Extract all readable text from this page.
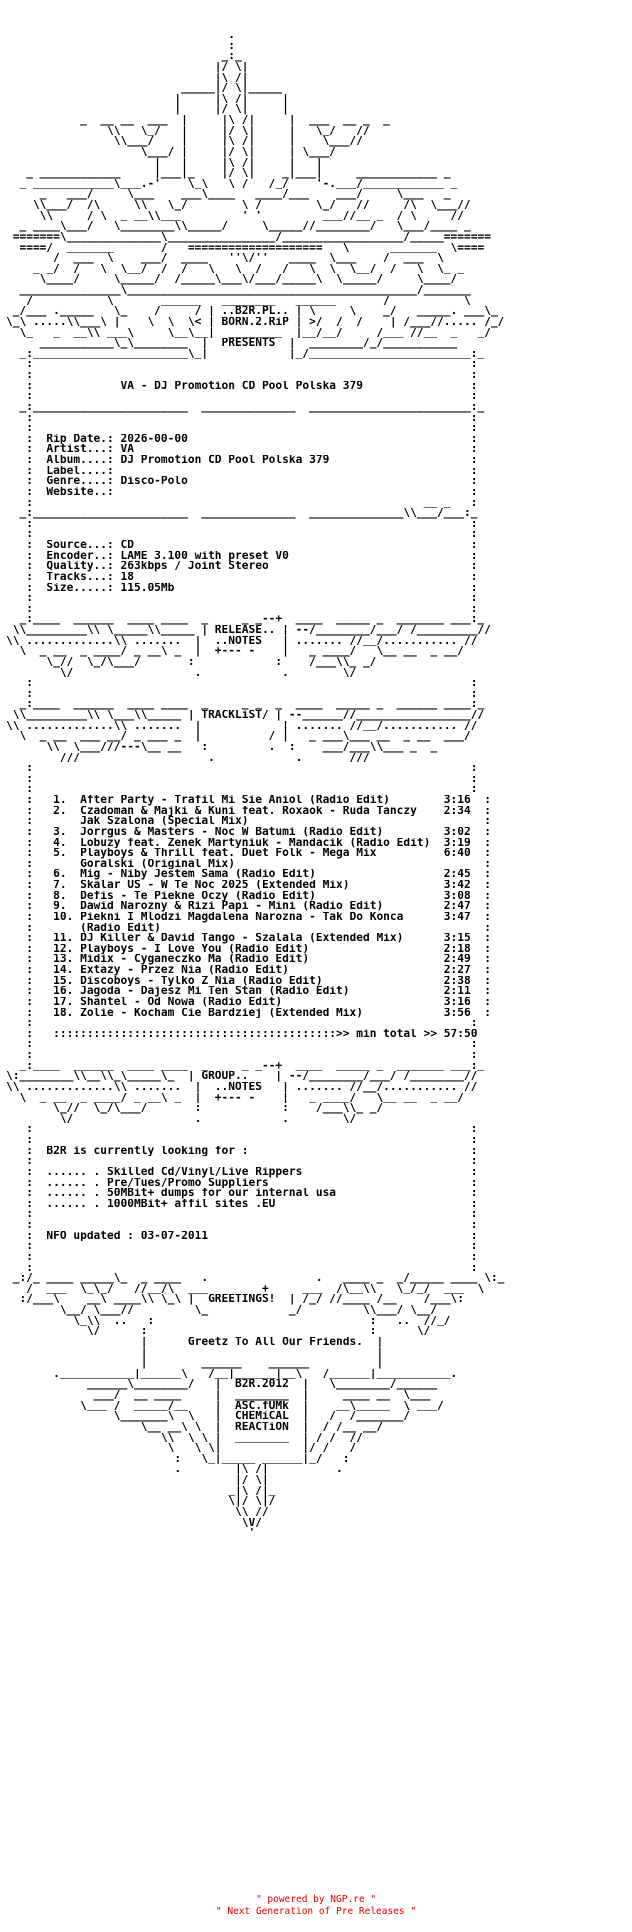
.
:
_:_
|/ \|
|\ /|
_____|/ \|_____
|     |\ /|     |
|     |/ \|     |
_  __ __  ___  |     |\ /|     |  ___  __ _  _
\\   \_/   |     |/ \|     |   \_/   //
\\___/    |     |\ /|     |    \___//
\___/ |     |/ \|     | \___/
|   |     |\ /|     |   |
_ ____________     |___|_    |/ \|    _|___|     ____________ _
_ ____________\___.-'    \_\   \ /   /_/    '-.___/____________ _
_   ___/     \___    ___\____   ____/___    ___/     \___   _
\\___/  /\     \\   \_/        \ /        \_/   //     /\  \___//
\\     / \  _ __\\___         ' '         ___//__ _  / \     //
_ ____\___/   \________\\_____/     \_____//________/   \___/____ _
=======\______________\________________/__________________/_____=======
====/  _______       /   ====================   \      _______  \====
/  ___  \    ___/  ____   ''\/''   ____  \___    /  ___  \
_ _/  /   \  \__/  /  /   \   \  /   /   \  \  \__/  /   \  \_ _
\____/     \_____/  /_____\___\/___/_____\  \_____/     \____/
_______________\___________________________________________/_______
/           \       ______   ________   ______       /           \
_/___ ._____   \_    /     / | ..B2R.PL.. | \     \    _/   _____. ___\_
\_\ .....\\___\ |    \  \  \< | BORN.2.RiP | >/  /  /    | /___//..... /_/
\_   _  __\\ ___\     \__\__|  ________  |__/__/     /___ //__  _   _/
___________\_\________  |  PRESENTS  |  ________/_/___________
_:_______________________\_|            |_/________________________:_
:                                                                 :
:                                                                 :
:             VA - DJ Promotion CD Pool Polska 379                :
:                                                                 :
_:_______________________  ______________  ________________________:_
:                                                                 :
:                                                                 :
:  Rip Date.: 2026-00-00                                          :
:  Artist...: VA                                                  :
:  Album....: DJ Promotion CD Pool Polska 379                     :
:  Label....:                                                     :
:  Genre....: Disco-Polo                                          :
:  Website..:                                                     :
:                                                          __ _   :
_:_______________________  ______________  ______________\\___/___:_
:                                                                 :
:                                                                 :
:  Source...: CD                                                  :
:  Encoder..: LAME 3.100 with preset V0                           :
:  Quality..: 263kbps / Joint Stereo                              :
:  Tracks...: 18                                                  :
:  Size.....: 115.05Mb                                            :
:                                                                 :
:                                                                 :
_:____  ______  ____ ____  _     _ _--+  ____  _____ _  _______ ___:_
\\_________\\ \_____\\_____ | RELEASE.. | --/________/___/ /_________//
\\ .............\\ .......  |  ..NOTES   | ....... //__/........... //
\  _ __  _ ____/ _ __\ _  |  +--- -    |   _ ____/   \__ __  _ __/
\_//  \_/\___/       :            :    /___\\_ _/
\/                  .            .        \/
:                                                                 :
:                                                                 :
_:____  ______  ____ ____  _     _ _  _  ____  _____ _  ______ ____:_
\\_________\\ \___\\_____ | TRACKLiST/ | --______//_________________//
\\ .............\\ .......  |            | ....... //__/........... //
\  _ __  ___ __/ _ ___ _  |          / |   _ ___\___ __  _ __  ___/
\\  \___///---\__ __   :         .  :    ___/___\\___ _  _
///                   .            .       ///
:                                                                 :
:                                                                 :
:                                                                 :
:   1.  After Party - Trafil Mi Sie Aniol (Radio Edit)        3:16  :
:   2.  Czadoman & Majki & Kuni feat. Roxaok - Ruda Tanczy    2:34  :
:       Jak Szalona (Special Mix)                                   :
:   3.  Jorrgus & Masters - Noc W Batumi (Radio Edit)         3:02  :
:   4.  Lobuzy feat. Zenek Martyniuk - Mandacik (Radio Edit)  3:19  :
:   5.  Playboys & Thrill feat. Duet Folk - Mega Mix          6:40  :
:       Goralski (Original Mix)                                     :
:   6.  Mig - Niby Jestem Sama (Radio Edit)                   2:45  :
:   7.  Skalar US - W Te Noc 2025 (Extended Mix)              3:42  :
:   8.  Defis - Te Piekne Oczy (Radio Edit)                   3:08  :
:   9.  Dawid Narozny & Rizi Papi - Mini (Radio Edit)         2:47  :
:   10. Piekni I Mlodzi Magdalena Narozna - Tak Do Konca      3:47  :
:       (Radio Edit)                                                :
:   11. DJ Killer & David Tango - Szalala (Extended Mix)      3:15  :
:   12. Playboys - I Love You (Radio Edit)                    2:18  :
:   13. Midix - Cyganeczko Ma (Radio Edit)                    2:49  :
:   14. Extazy - Przez Nia (Radio Edit)                       2:27  :
:   15. Discoboys - Tylko Z Nia (Radio Edit)                  2:38  :
:   16. Jagoda - Dajesz Mi Ten Stan (Radio Edit)              2:11  :
:   17. Shantel - Od Nowa (Radio Edit)                        3:16  :
:   18. Zolie - Kocham Cie Bardziej (Extended Mix)            3:56  :
:                                                                 :
:   ::::::::::::::::::::::::::::::::::::::::::>> min total >> 57:50
:                                                                 :
:                                                                 :
_:____  ______  ____ ____  _     _ _--+  ____  _____ _  _______ ___:_
\:________\\__\\_\_____\_  | GROUP..    | --/________/___/ /________//
\\ .............\\ .......  |  ..NOTES   | ....... //__/........... //
\  _ __  _ ____/ _ __\ _  |  +--- -    |   _ ____/   \__ __  _ __/
\_//  \_/\___/       :            :    /___\\_ _/
\/                  .            .        \/
:                                                                 :
:                                                                 :
:  B2R is currently looking for :                                 :
:                                                                 :
:  ...... . Skilled Cd/Vinyl/Live Rippers                         :
:  ...... . Pre/Tues/Promo Suppliers                              :
:  ...... . 50MBit+ dumps for our internal usa                    :
:  ...... . 1000MBit+ affil sites .EU                             :
:                                                                 :
:                                                                 :
:  NFO updated : 03-07-2011                                       :
:                                                                 :
:                                                                 :
:                                                                 :
_:/_ ____ _____\_  _ ____   .                .   ____ _  _/_____ ____ \:_
/  ___  \_\_/   //__/\  ___        +     ___  /\__\\   \_/_/  ___  \
:/___\    __\ ____\\ \_\ |  GREETINGS!  | /_/ //____ /__    /___\:
\__/ \___//         \_            _/         \\___/ \__/
\_\\  ..   :                                :   ..  //_/
\/      :                                 :      \/
|      Greetz To All Our Friends.  |
|                                  |
|        ______    ______          |
.___________|______\   /__|______|__\   /______|___________.
______\________/   |  B2R.2012  |   \________/______
___/  __ ____     |  ________  |     ____ __  \___
\___ /  _____/__    |  ASC.fUMk  |    __\_____  \ ___/
\_______\  \   |  CHEMiCAL  |   /  /_______/
\__ __\ \  |  REACTiON  |  / /__ __/
\\  \ \ |  ________  | / /  //
\   \ \|            |/ /   /
:   \_|_____ ______|_/   :
.        |\ /|          .
|/ \|
_|\ /|_
\|/ \|/
\\ //
\V/
'
" powered by NGP.re "
" Next Generation of Pre Releases "
